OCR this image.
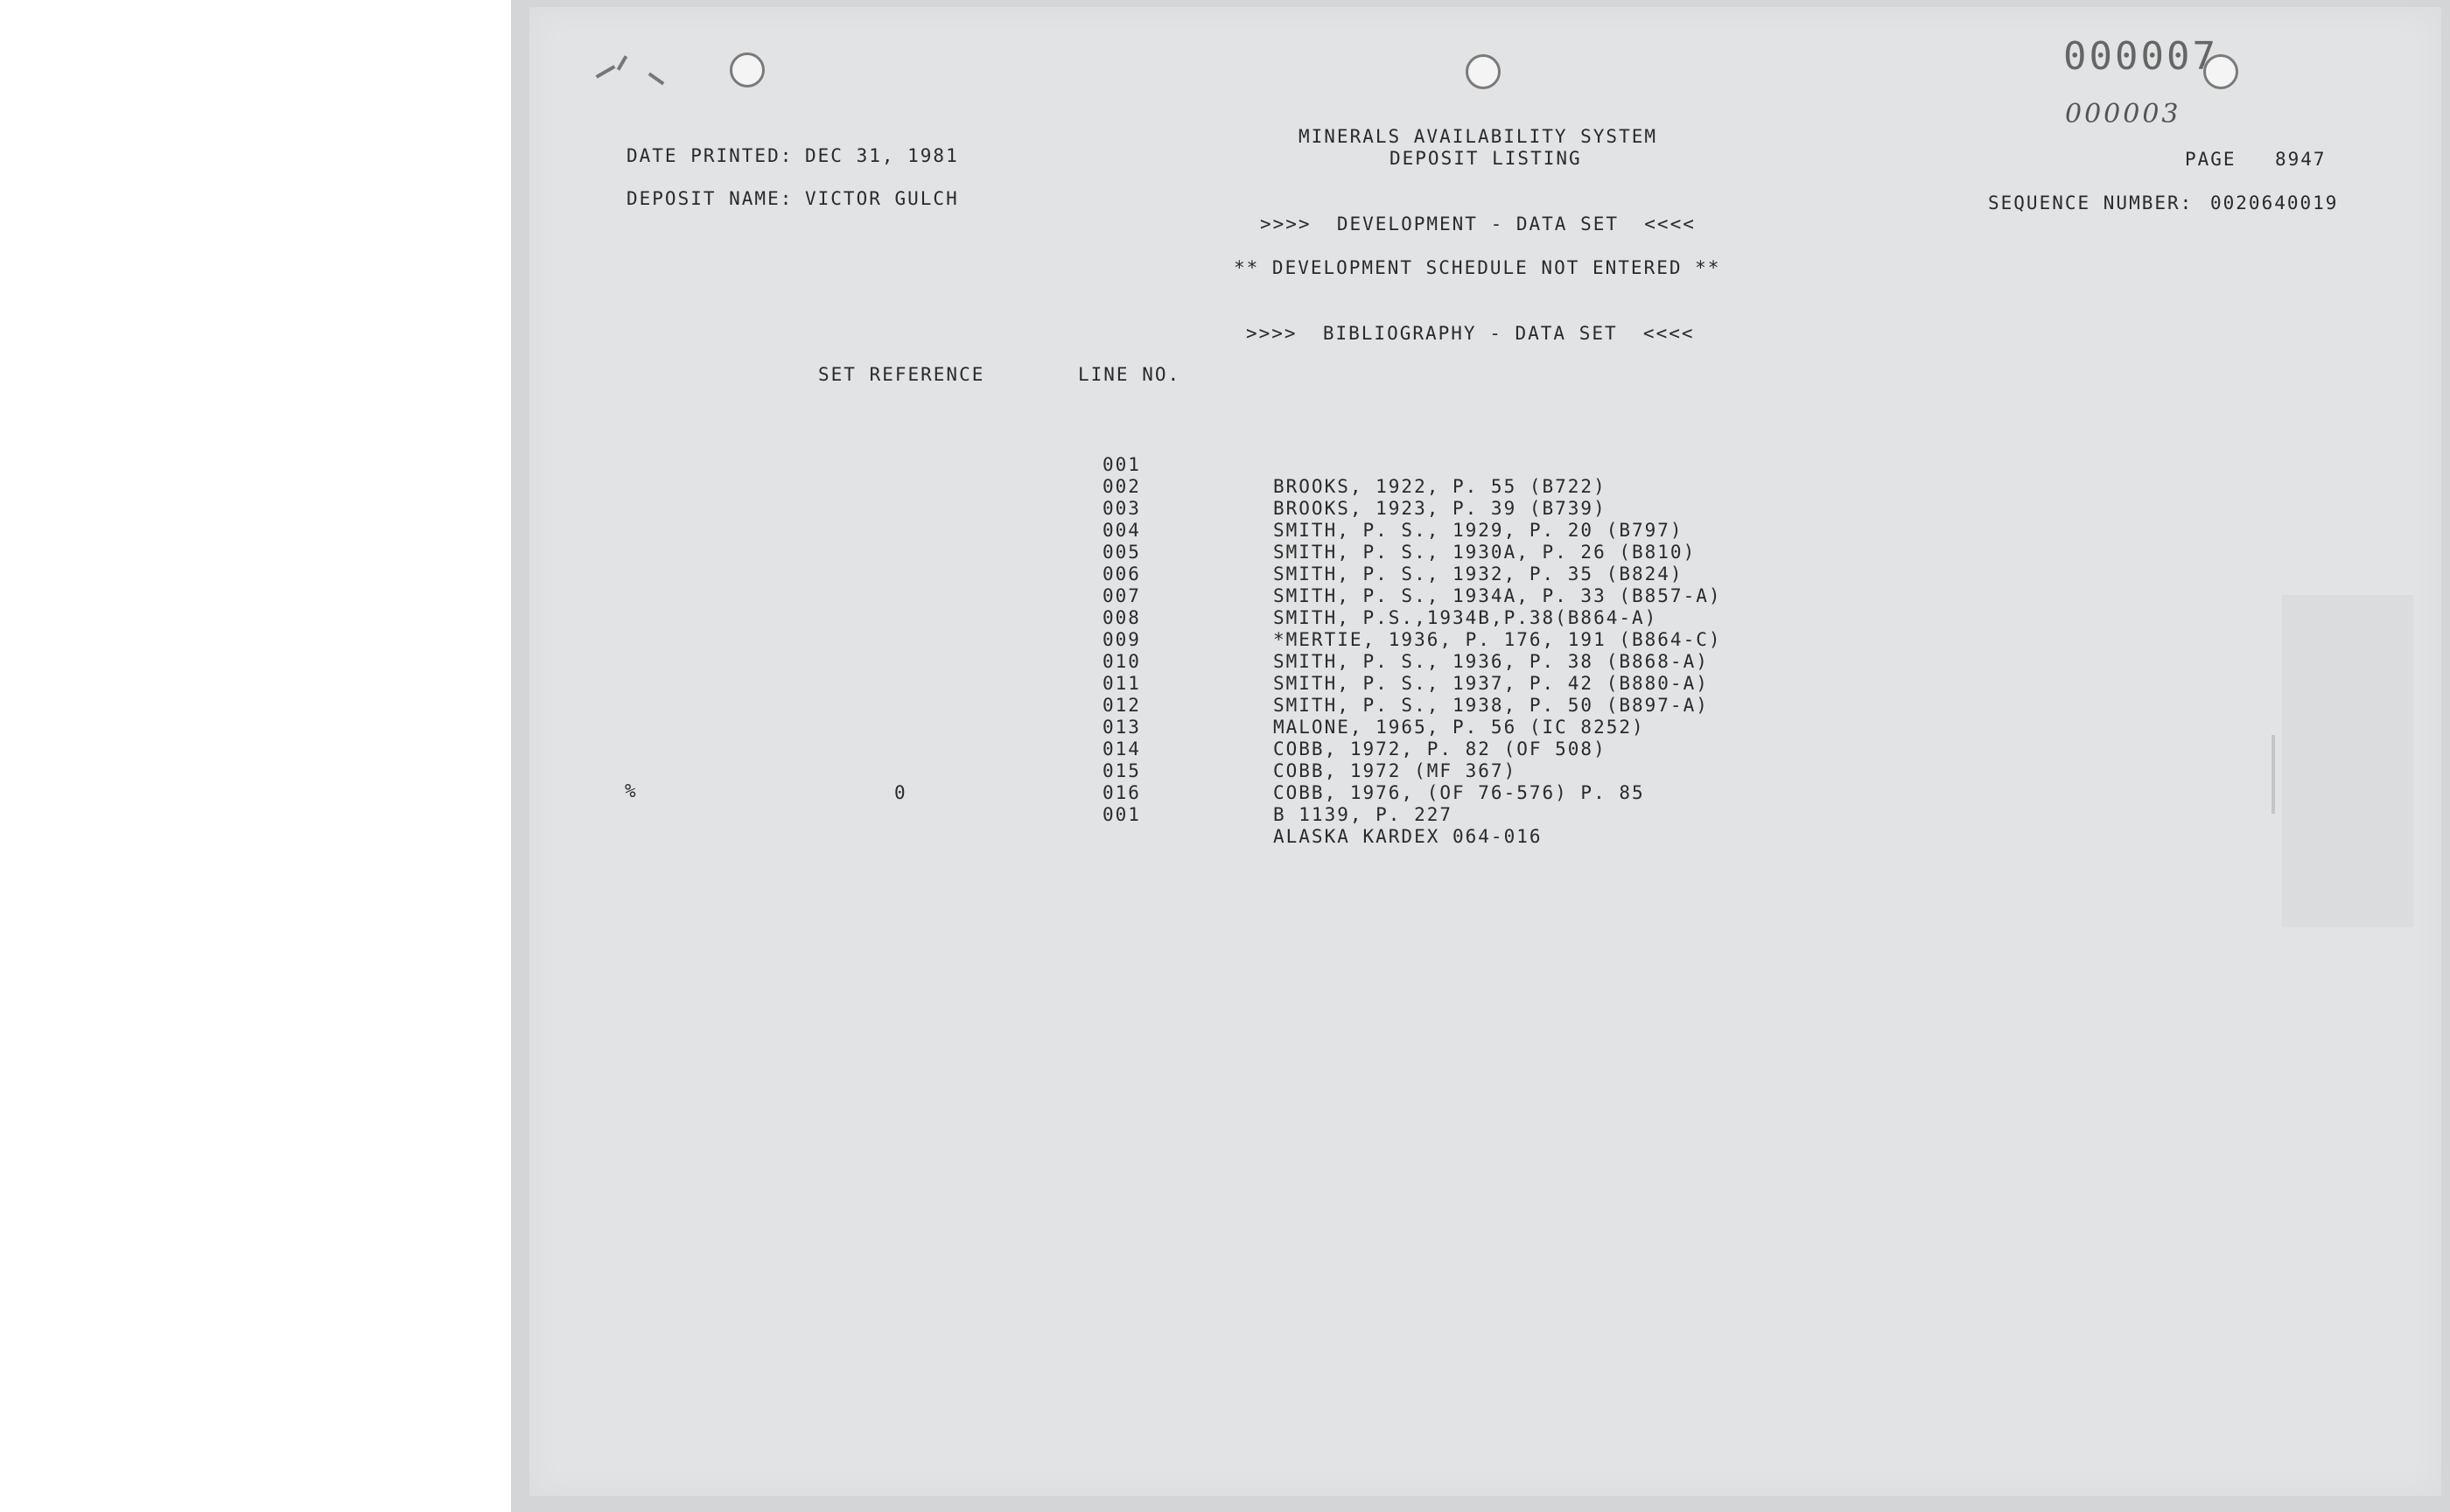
000007
000003
MINERALS AVAILABILITY SYSTEM
DEPOSIT LISTING
DATE PRINTED: DEC 31, 1981
DEPOSIT NAME: VICTOR GULCH
PAGE 8947
SEQUENCE NUMBER: 0020640019
>>>>  DEVELOPMENT - DATA SET  <<<<
** DEVELOPMENT SCHEDULE NOT ENTERED **
>>>>  BIBLIOGRAPHY - DATA SET  <<<<
SET REFERENCE	LINE NO.

001

BROOKS, 1922, P. 55 (B722)

002

BROOKS, 1923, P. 39 (B739)

003

SMITH, P. S., 1929, P. 20 (B797)

004

SMITH, P. S., 1930A, P. 26 (B810)

005

SMITH, P. S., 1932, P. 35 (B824)

006

SMITH, P. S., 1934A, P. 33 (B857-A)

007

SMITH, P.S.,1934B,P.38(B864-A)

008

*MERTIE, 1936, P. 176, 191 (B864-C)

009

SMITH, P. S., 1936, P. 38 (B868-A)

010

SMITH, P. S., 1937, P. 42 (B880-A)

011

SMITH, P. S., 1938, P. 50 (B897-A)

012

MALONE, 1965, P. 56 (IC 8252)

013

COBB, 1972, P. 82 (OF 508)

014

COBB, 1972 (MF 367)

015

COBB, 1976, (OF 76-576) P. 85

016

B 1139, P. 227

0

001

ALASKA KARDEX 064-016

%
